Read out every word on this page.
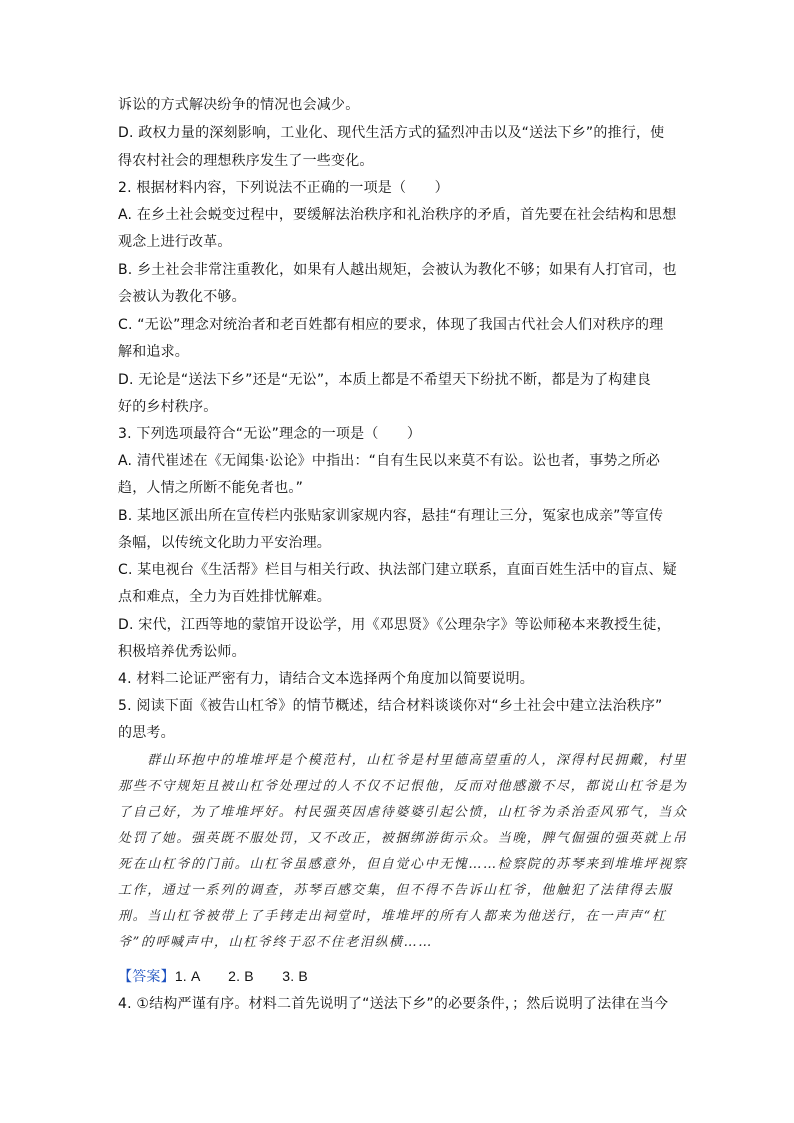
诉讼的方式解决纷争的情况也会减少。
D. 政权力量的深刻影响，工业化、现代生活方式的猛烈冲击以及“送法下乡”的推行，使
得农村社会的理想秩序发生了一些变化。
2. 根据材料内容，下列说法不正确的一项是（　　）
A. 在乡土社会蜕变过程中，要缓解法治秩序和礼治秩序的矛盾，首先要在社会结构和思想
观念上进行改革。
B. 乡土社会非常注重教化，如果有人越出规矩，会被认为教化不够；如果有人打官司，也
会被认为教化不够。
C. “无讼”理念对统治者和老百姓都有相应的要求，体现了我国古代社会人们对秩序的理
解和追求。
D. 无论是“送法下乡”还是“无讼”，本质上都是不希望天下纷扰不断，都是为了构建良
好的乡村秩序。
3. 下列选项最符合“无讼”理念的一项是（　　）
A. 清代崔述在《无闻集·讼论》中指出：“自有生民以来莫不有讼。讼也者，事势之所必
趋，人情之所断不能免者也。”
B. 某地区派出所在宣传栏内张贴家训家规内容，悬挂“有理让三分，冤家也成亲”等宣传
条幅，以传统文化助力平安治理。
C. 某电视台《生活帮》栏目与相关行政、执法部门建立联系，直面百姓生活中的盲点、疑
点和难点，全力为百姓排忧解难。
D. 宋代，江西等地的蒙馆开设讼学，用《邓思贤》《公理杂字》等讼师秘本来教授生徒，
积极培养优秀讼师。
4. 材料二论证严密有力，请结合文本选择两个角度加以简要说明。
5. 阅读下面《被告山杠爷》的情节概述，结合材料谈谈你对“乡土社会中建立法治秩序”
的思考。
　　群山环抱中的堆堆坪是个模范村，山杠爷是村里德高望重的人，深得村民拥戴，村里
那些不守规矩且被山杠爷处理过的人不仅不记恨他，反而对他感激不尽，都说山杠爷是为
了自己好，为了堆堆坪好。村民强英因虐待婆婆引起公愤，山杠爷为杀治歪风邪气，当众
处罚了她。强英既不服处罚，又不改正，被捆绑游街示众。当晚，脾气倔强的强英就上吊
死在山杠爷的门前。山杠爷虽感意外，但自觉心中无愧……检察院的苏琴来到堆堆坪视察
工作，通过一系列的调查，苏琴百感交集，但不得不告诉山杠爷，他触犯了法律得去服
刑。当山杠爷被带上了手铐走出祠堂时，堆堆坪的所有人都来为他送行，在一声声“杠
爷”的呼喊声中，山杠爷终于忍不住老泪纵横……
【答案】1. A　　2. B　　3. B
4. ①结构严谨有序。材料二首先说明了“送法下乡”的必要条件，；然后说明了法律在当今
